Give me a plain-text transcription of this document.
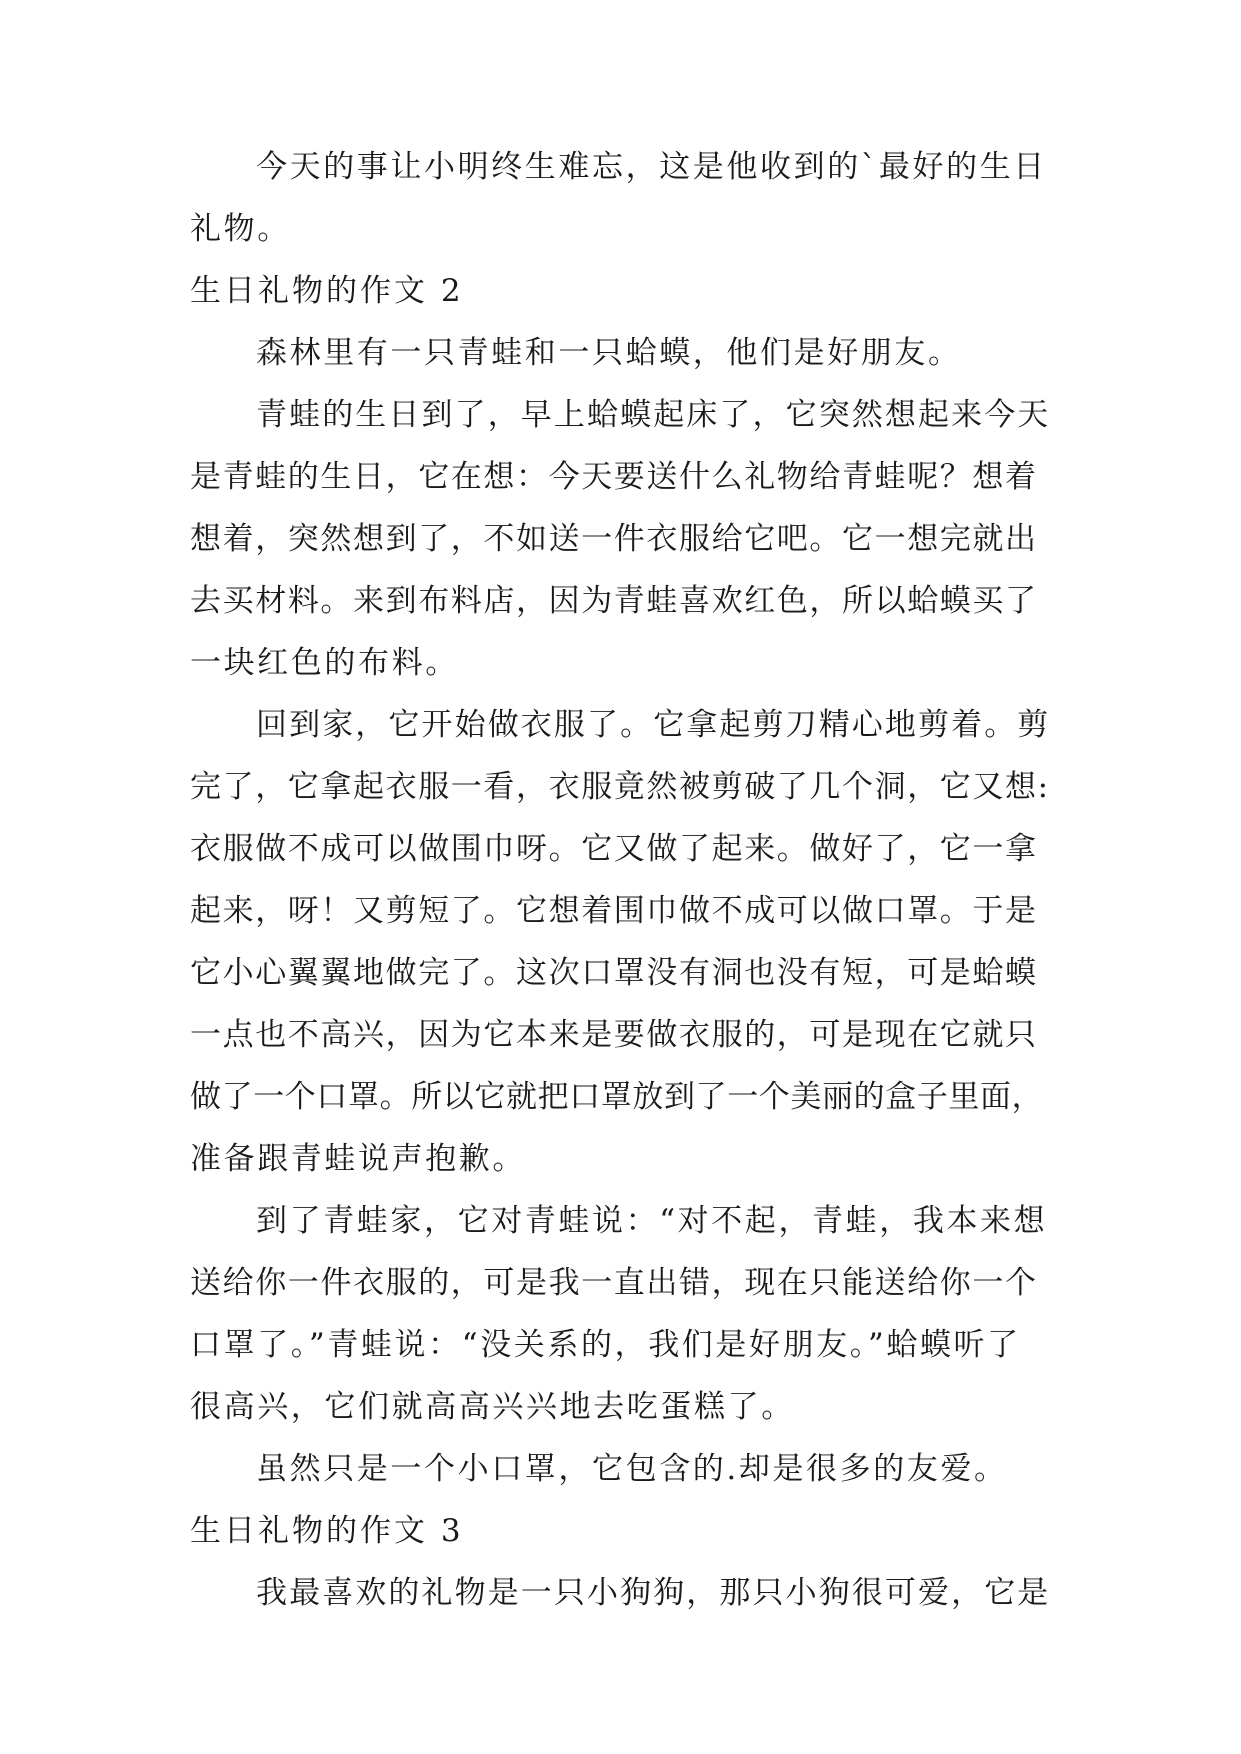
今天的事让小明终生难忘，这是他收到的`最好的生日
礼物。
生日礼物的作文 2
森林里有一只青蛙和一只蛤蟆，他们是好朋友。
青蛙的生日到了，早上蛤蟆起床了，它突然想起来今天
是青蛙的生日，它在想：今天要送什么礼物给青蛙呢？想着
想着，突然想到了，不如送一件衣服给它吧。它一想完就出
去买材料。来到布料店，因为青蛙喜欢红色，所以蛤蟆买了
一块红色的布料。
回到家，它开始做衣服了。它拿起剪刀精心地剪着。剪
完了，它拿起衣服一看，衣服竟然被剪破了几个洞，它又想:
衣服做不成可以做围巾呀。它又做了起来。做好了，它一拿
起来，呀！又剪短了。它想着围巾做不成可以做口罩。于是
它小心翼翼地做完了。这次口罩没有洞也没有短，可是蛤蟆
一点也不高兴，因为它本来是要做衣服的，可是现在它就只
做了一个口罩。所以它就把口罩放到了一个美丽的盒子里面，
准备跟青蛙说声抱歉。
到了青蛙家，它对青蛙说：“对不起，青蛙，我本来想
送给你一件衣服的，可是我一直出错，现在只能送给你一个
口罩了。”青蛙说：“没关系的，我们是好朋友。”蛤蟆听了
很高兴，它们就高高兴兴地去吃蛋糕了。
虽然只是一个小口罩，它包含的.却是很多的友爱。
生日礼物的作文 3
我最喜欢的礼物是一只小狗狗，那只小狗很可爱，它是
